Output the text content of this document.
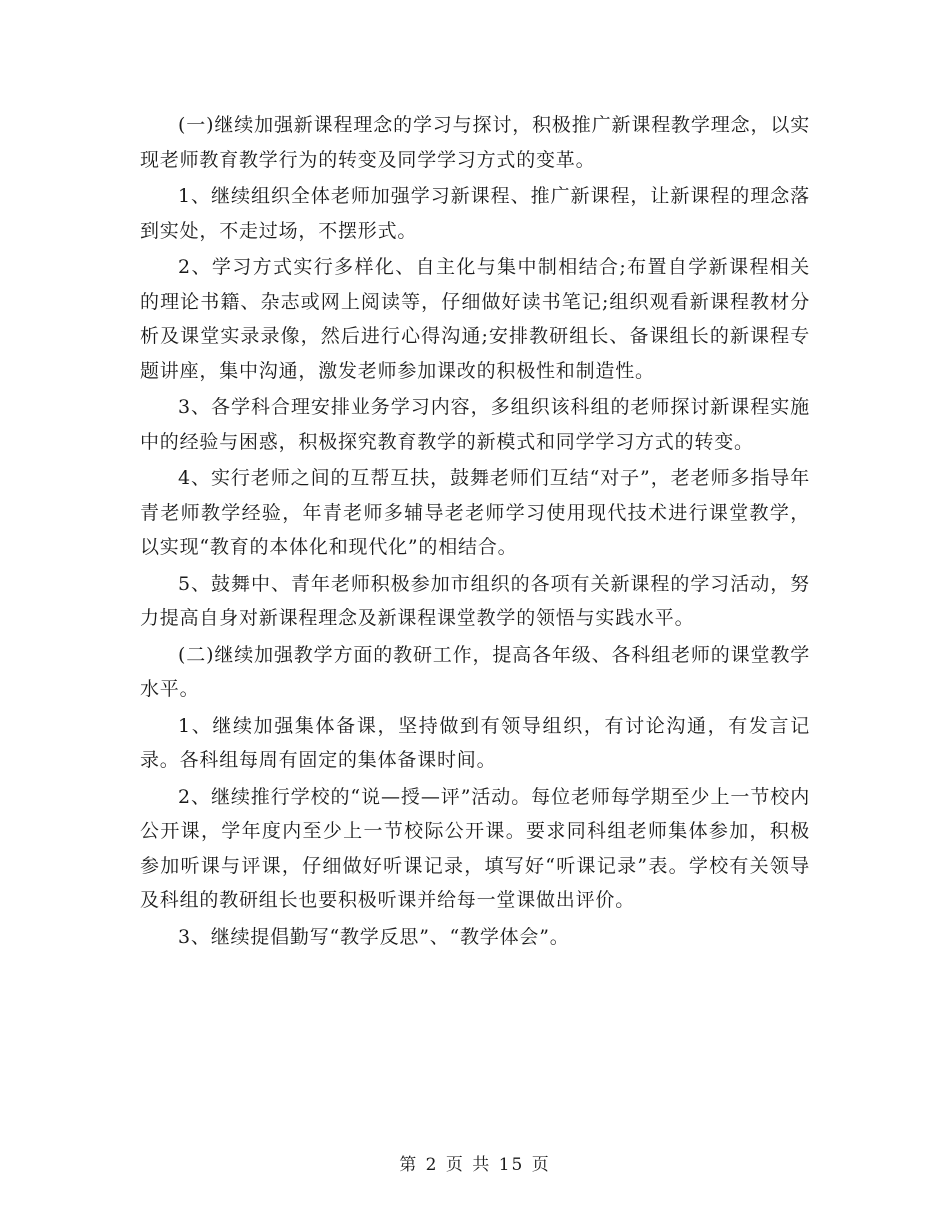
(一)继续加强新课程理念的学习与探讨，积极推广新课程教学理念，以实现老师教育教学行为的转变及同学学习方式的变革。

1、继续组织全体老师加强学习新课程、推广新课程，让新课程的理念落到实处，不走过场，不摆形式。

2、学习方式实行多样化、自主化与集中制相结合;布置自学新课程相关的理论书籍、杂志或网上阅读等，仔细做好读书笔记;组织观看新课程教材分析及课堂实录录像，然后进行心得沟通;安排教研组长、备课组长的新课程专题讲座，集中沟通，激发老师参加课改的积极性和制造性。

3、各学科合理安排业务学习内容，多组织该科组的老师探讨新课程实施中的经验与困惑，积极探究教育教学的新模式和同学学习方式的转变。

4、实行老师之间的互帮互扶，鼓舞老师们互结“对子”，老老师多指导年青老师教学经验，年青老师多辅导老老师学习使用现代技术进行课堂教学，以实现“教育的本体化和现代化”的相结合。

5、鼓舞中、青年老师积极参加市组织的各项有关新课程的学习活动，努力提高自身对新课程理念及新课程课堂教学的领悟与实践水平。

(二)继续加强教学方面的教研工作，提高各年级、各科组老师的课堂教学水平。

1、继续加强集体备课，坚持做到有领导组织，有讨论沟通，有发言记录。各科组每周有固定的集体备课时间。

2、继续推行学校的“说—授—评”活动。每位老师每学期至少上一节校内公开课，学年度内至少上一节校际公开课。要求同科组老师集体参加，积极参加听课与评课，仔细做好听课记录，填写好“听课记录”表。学校有关领导及科组的教研组长也要积极听课并给每一堂课做出评价。

3、继续提倡勤写“教学反思”、“教学体会”。

第 2 页 共 15 页
